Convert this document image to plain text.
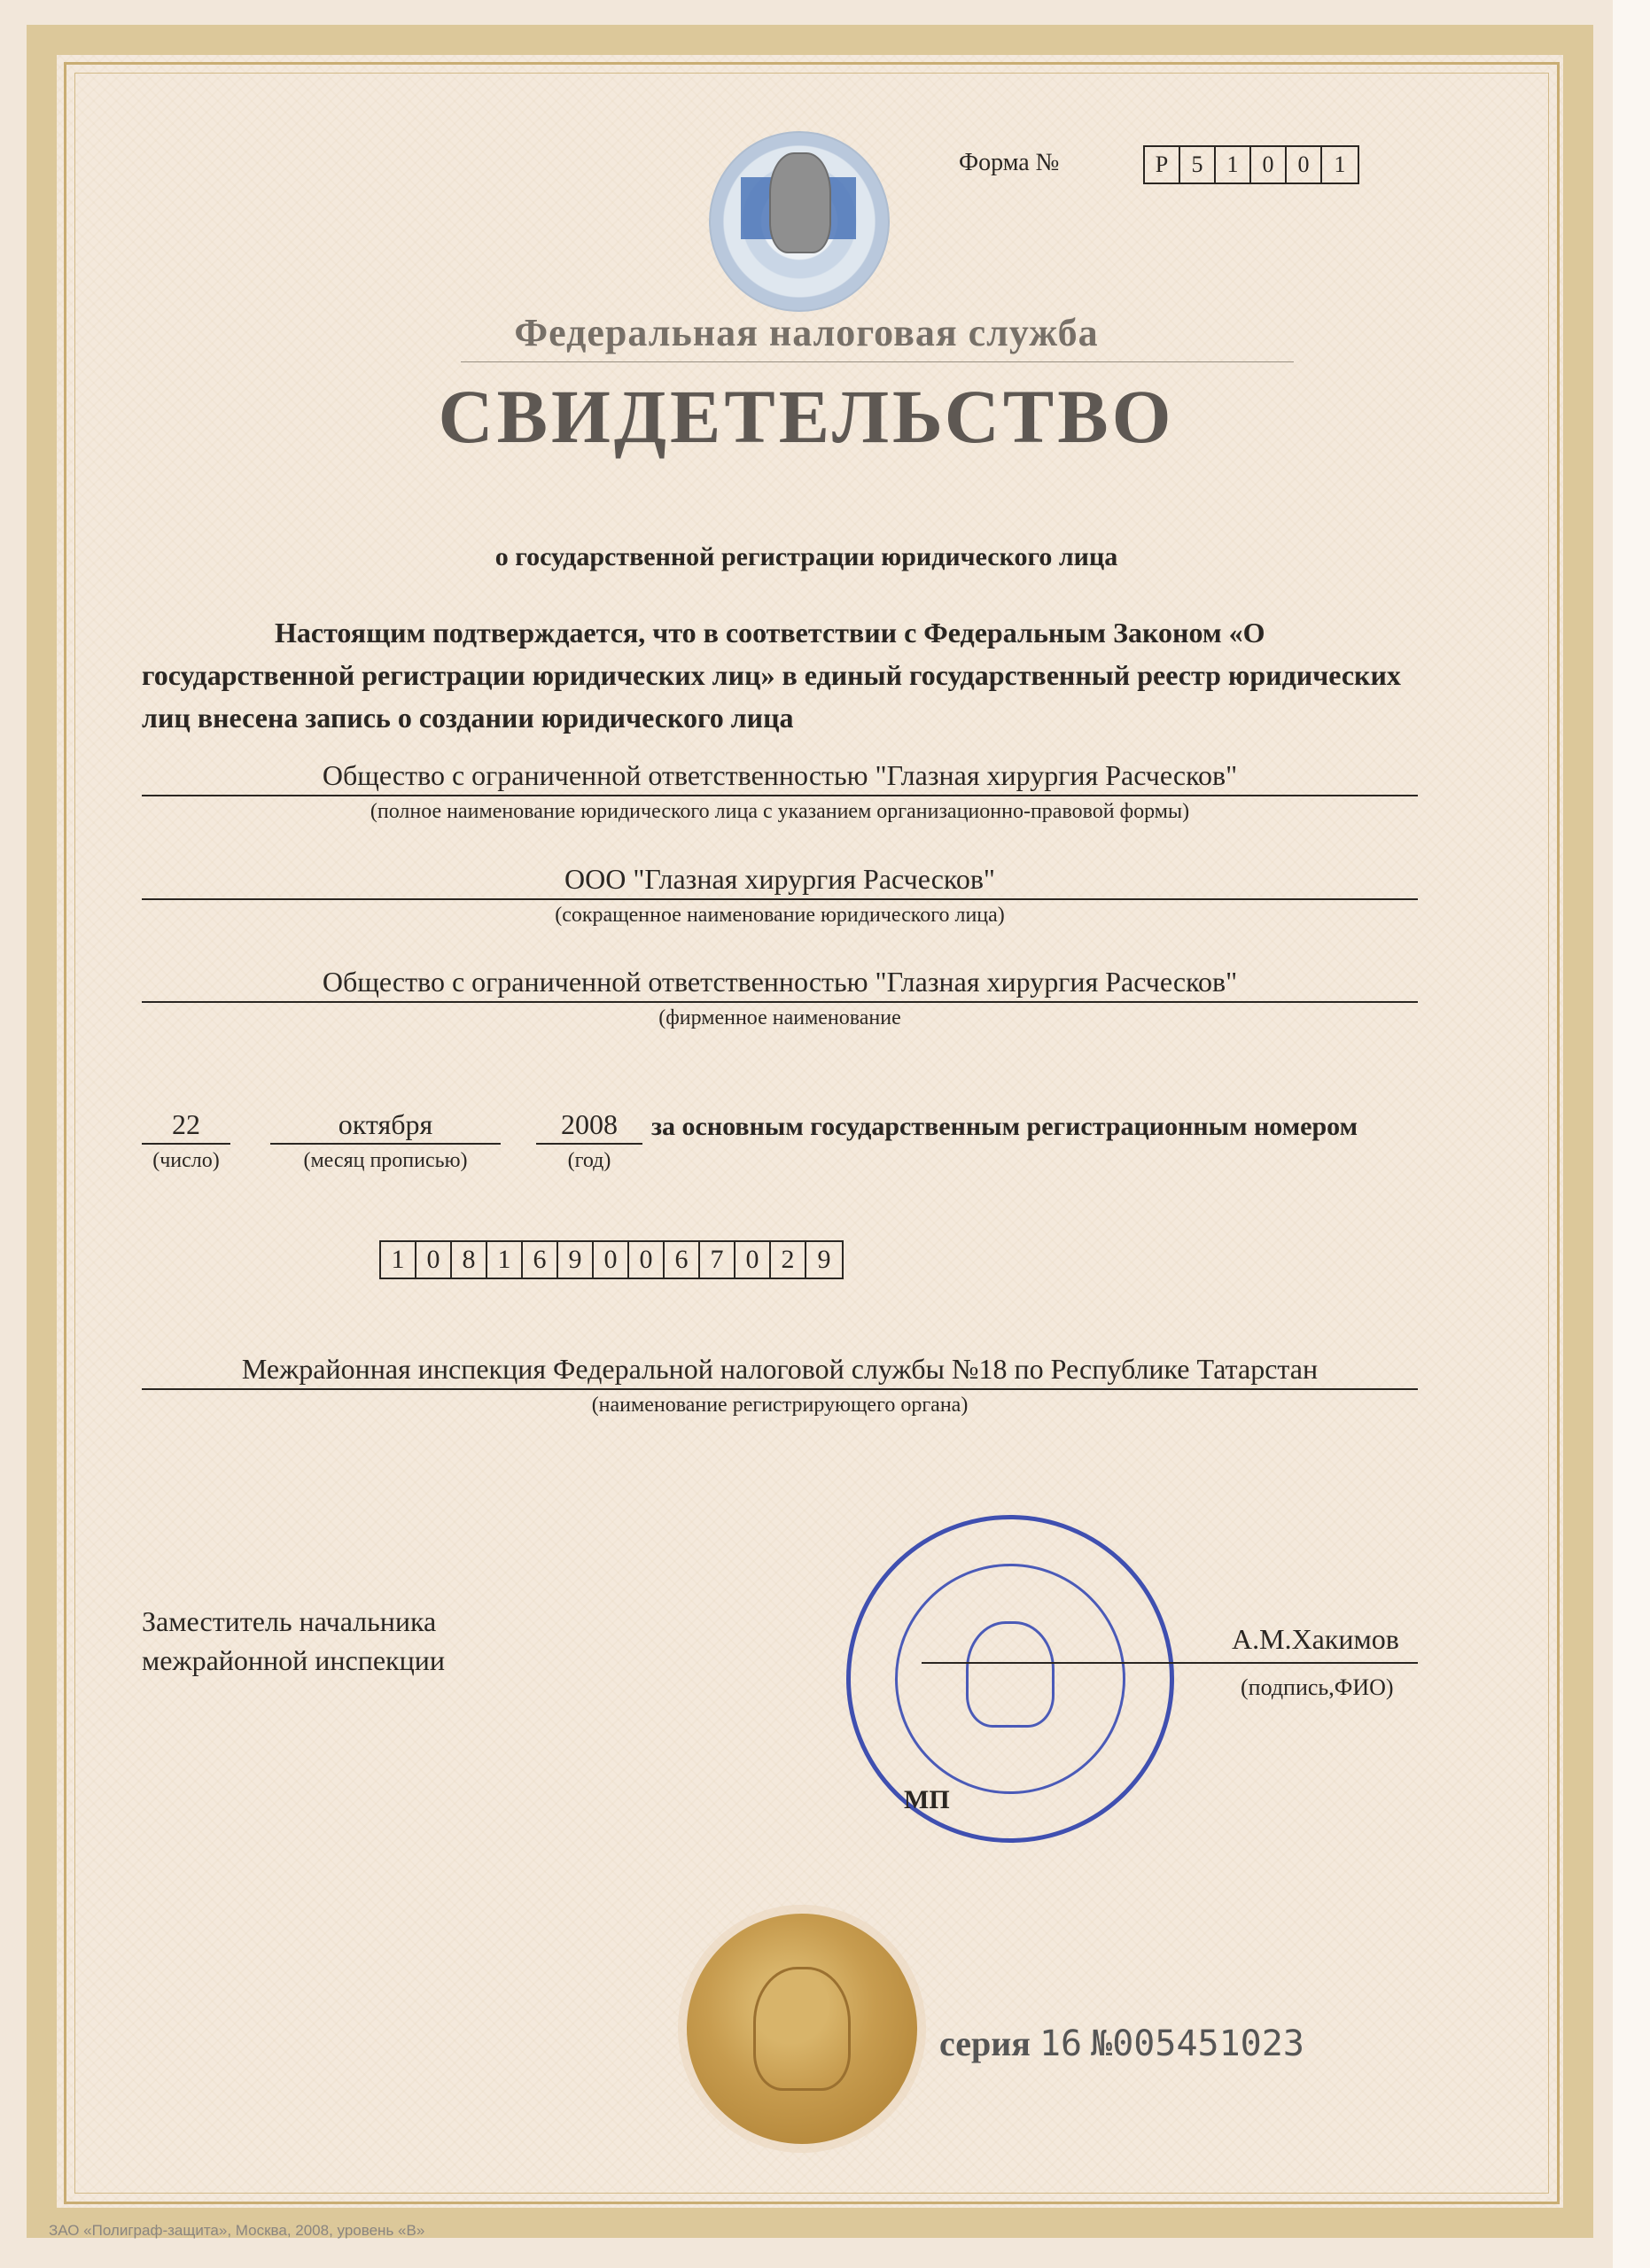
Форма №	Р	5	1	0	0	1
Федеральная налоговая служба
СВИДЕТЕЛЬСТВО
о государственной регистрации юридического лица
Настоящим подтверждается, что в соответствии с Федеральным Законом «О государственной регистрации юридических лиц» в единый государственный реестр юридических лиц внесена запись о создании юридического лица
Общество с ограниченной ответственностью "Глазная хирургия Расческов"
(полное наименование юридического лица с указанием организационно-правовой формы)
ООО "Глазная хирургия Расческов"
(сокращенное наименование юридического лица)
Общество с ограниченной ответственностью "Глазная хирургия Расческов"
(фирменное наименование
22
(число)
октября
(месяц прописью)
2008
(год)
за основным государственным регистрационным номером
1 0 8 1 6 9 0 0 6 7 0 2 9
Межрайонная инспекция Федеральной налоговой службы №18 по Республике Татарстан
(наименование регистрирующего органа)
Заместитель начальника
межрайонной инспекции
А.М.Хакимов
(подпись,ФИО)
МП
серия 16 №005451023
ЗАО «Полиграф-защита», Москва, 2008, уровень «В»
